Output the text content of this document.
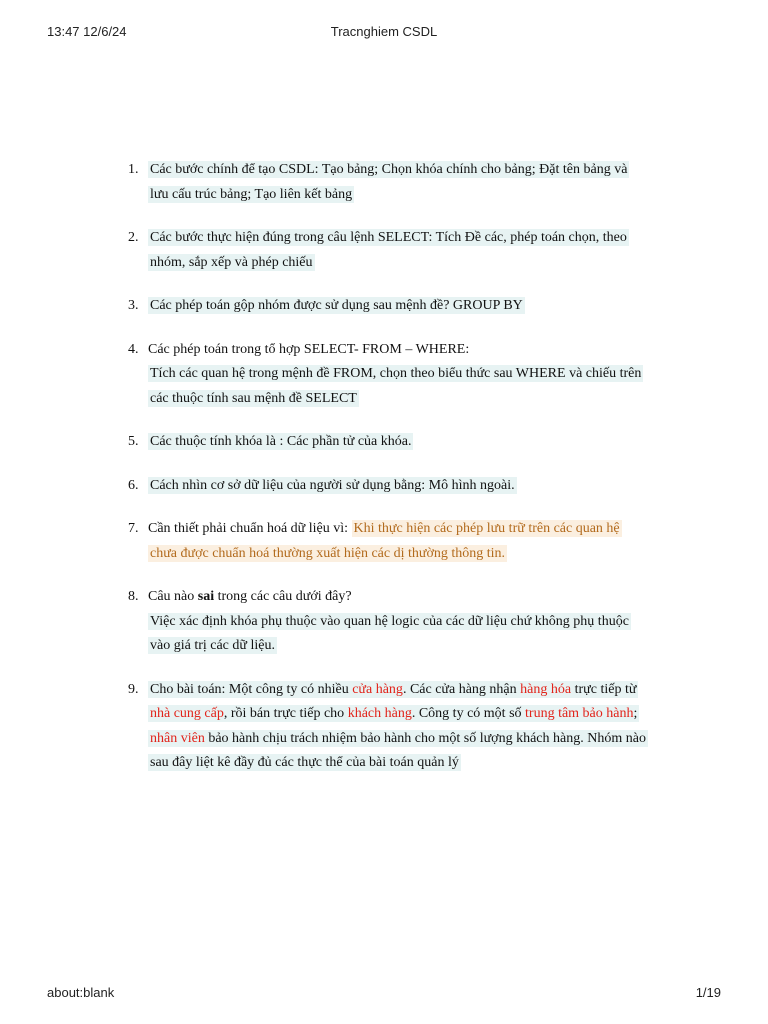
13:47 12/6/24	Tracnghiem CSDL
1. Các bước chính để tạo CSDL: Tạo bảng; Chọn khóa chính cho bảng; Đặt tên bảng và lưu cấu trúc bảng; Tạo liên kết bảng
2. Các bước thực hiện đúng trong câu lệnh SELECT: Tích Đề các, phép toán chọn, theo nhóm, sắp xếp và phép chiếu
3. Các phép toán gộp nhóm được sử dụng sau mệnh đề? GROUP BY
4. Các phép toán trong tổ hợp SELECT- FROM – WHERE:
Tích các quan hệ trong mệnh đề FROM, chọn theo biểu thức sau WHERE và chiếu trên các thuộc tính sau mệnh đề SELECT
5. Các thuộc tính khóa là : Các phần tử của khóa.
6. Cách nhìn cơ sở dữ liệu của người sử dụng bằng: Mô hình ngoài.
7. Cần thiết phải chuẩn hoá dữ liệu vì: Khi thực hiện các phép lưu trữ trên các quan hệ chưa được chuẩn hoá thường xuất hiện các dị thường thông tin.
8. Câu nào sai trong các câu dưới đây?
Việc xác định khóa phụ thuộc vào quan hệ logic của các dữ liệu chứ không phụ thuộc vào giá trị các dữ liệu.
9. Cho bài toán: Một công ty có nhiều cửa hàng. Các cửa hàng nhận hàng hóa trực tiếp từ nhà cung cấp, rồi bán trực tiếp cho khách hàng. Công ty có một số trung tâm bảo hành; nhân viên bảo hành chịu trách nhiệm bảo hành cho một số lượng khách hàng. Nhóm nào sau đây liệt kê đầy đủ các thực thể của bài toán quản lý
about:blank	1/19
